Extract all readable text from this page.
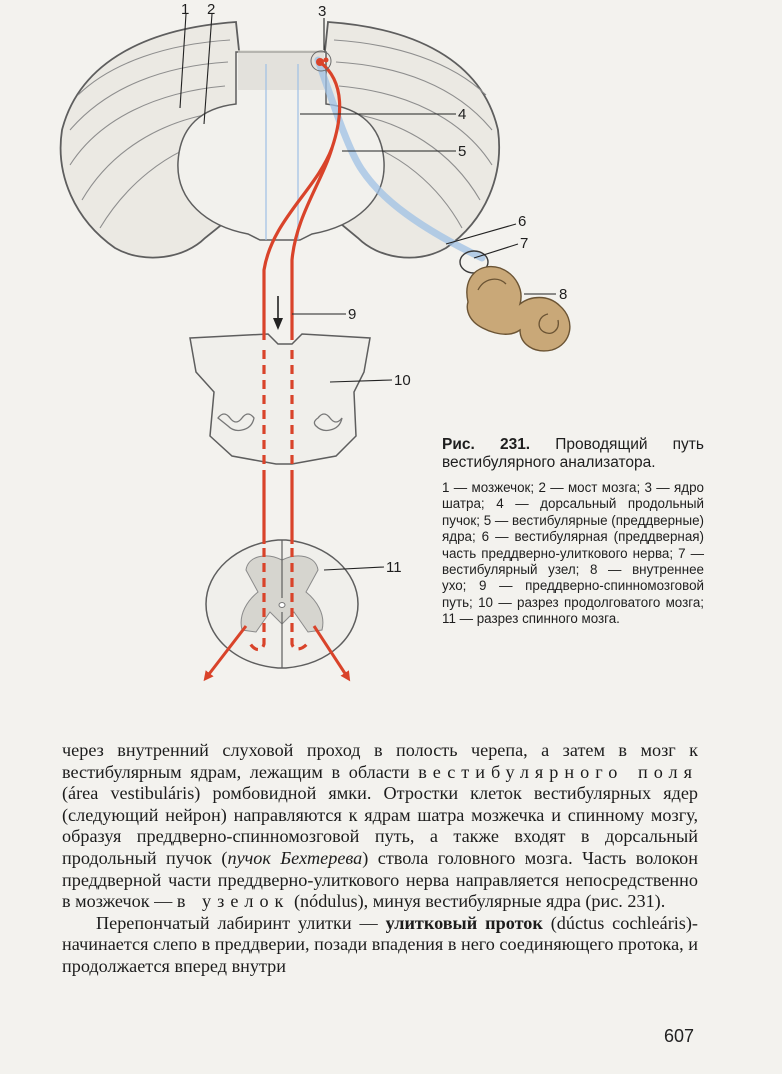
1 2	3
4
5
6
7
8
9
10
11

Рис. 231. Проводящий путь вестибулярного анализатора.

1 — мозжечок; 2 — мост мозга; 3 — ядро шатра; 4 — дорсальный продольный пучок; 5 — вестибулярные (преддверные) ядра; 6 — вестибулярная (преддверная) часть преддверно-улиткового нерва; 7 — вестибулярный узел; 8 — внутреннее ухо; 9 — преддверно-спинномозговой путь; 10 — разрез продолговатого мозга; 11 — разрез спинного мозга.

через внутренний слуховой проход в полость черепа, а затем в мозг к вестибулярным ядрам, лежащим в области вестибулярного поля (área vestibuláris) ромбовидной ямки. Отростки клеток вестибулярных ядер (следующий нейрон) направляются к ядрам шатра мозжечка и спинному мозгу, образуя преддверно-спинномозговой путь, а также входят в дорсальный продольный пучок (пучок Бехтерева) ствола головного мозга. Часть волокон преддверной части преддверно-улиткового нерва направляется непосредственно в мозжечок — в узелок (nódulus), минуя вестибулярные ядра (рис. 231).

Перепончатый лабиринт улитки — улитковый проток (dúctus cochleáris)-начинается слепо в преддверии, позади впадения в него соединяющего протока, и продолжается вперед внутри

607
